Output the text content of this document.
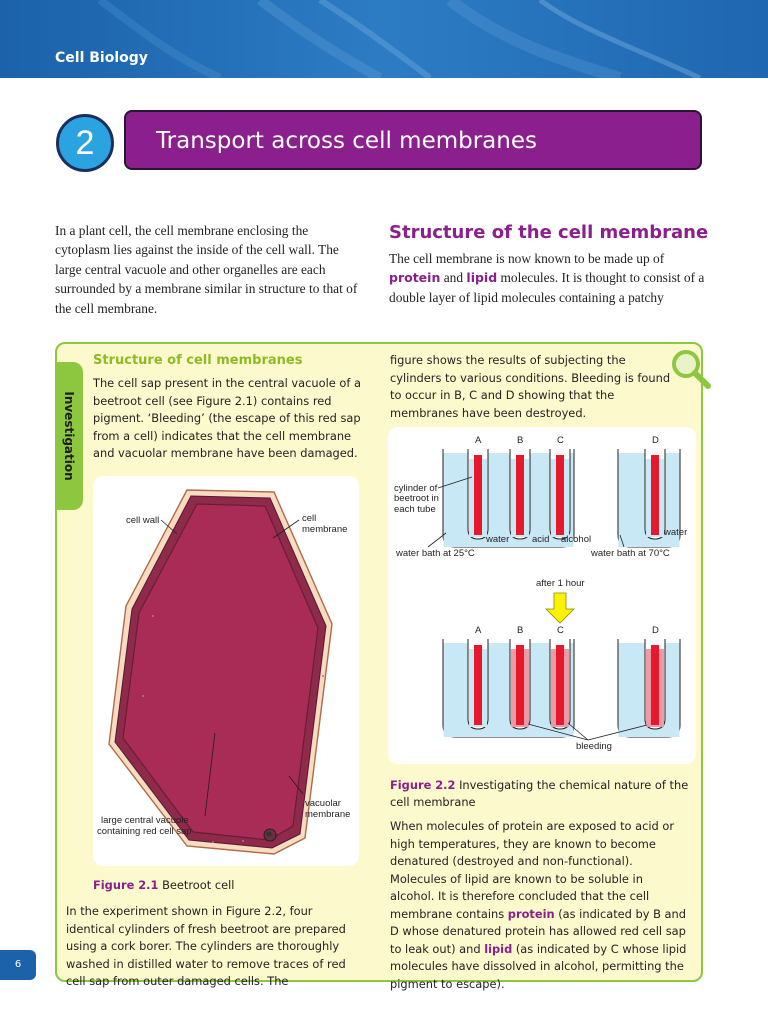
Cell Biology
2	Transport across cell membranes
In a plant cell, the cell membrane enclosing the cytoplasm lies against the inside of the cell wall. The large central vacuole and other organelles are each surrounded by a membrane similar in structure to that of the cell membrane.
Structure of the cell membrane
The cell membrane is now known to be made up of protein and lipid molecules. It is thought to consist of a double layer of lipid molecules containing a patchy
Investigation
Structure of cell membranes
The cell sap present in the central vacuole of a beetroot cell (see Figure 2.1) contains red pigment. ‘Bleeding’ (the escape of this red sap from a cell) indicates that the cell membrane and vacuolar membrane have been damaged.
figure shows the results of subjecting the cylinders to various conditions. Bleeding is found to occur in B, C and D showing that the membranes have been destroyed.
cell wall	cell
membrane
vacuolar
membrane
large central vacuole
containing red cell sap
Figure 2.1 Beetroot cell
In the experiment shown in Figure 2.2, four identical cylinders of fresh beetroot are prepared using a cork borer. The cylinders are thoroughly washed in distilled water to remove traces of red cell sap from outer damaged cells. The
A	B	C	D
cylinder of
beetroot in
each tube
water acid alcohol
water
water bath at 25°C	water bath at 70°C
after 1 hour
A	B	C	D
bleeding
Figure 2.2 Investigating the chemical nature of the cell membrane
When molecules of protein are exposed to acid or high temperatures, they are known to become denatured (destroyed and non-functional). Molecules of lipid are known to be soluble in alcohol. It is therefore concluded that the cell membrane contains protein (as indicated by B and D whose denatured protein has allowed red cell sap to leak out) and lipid (as indicated by C whose lipid molecules have dissolved in alcohol, permitting the pigment to escape).
6
